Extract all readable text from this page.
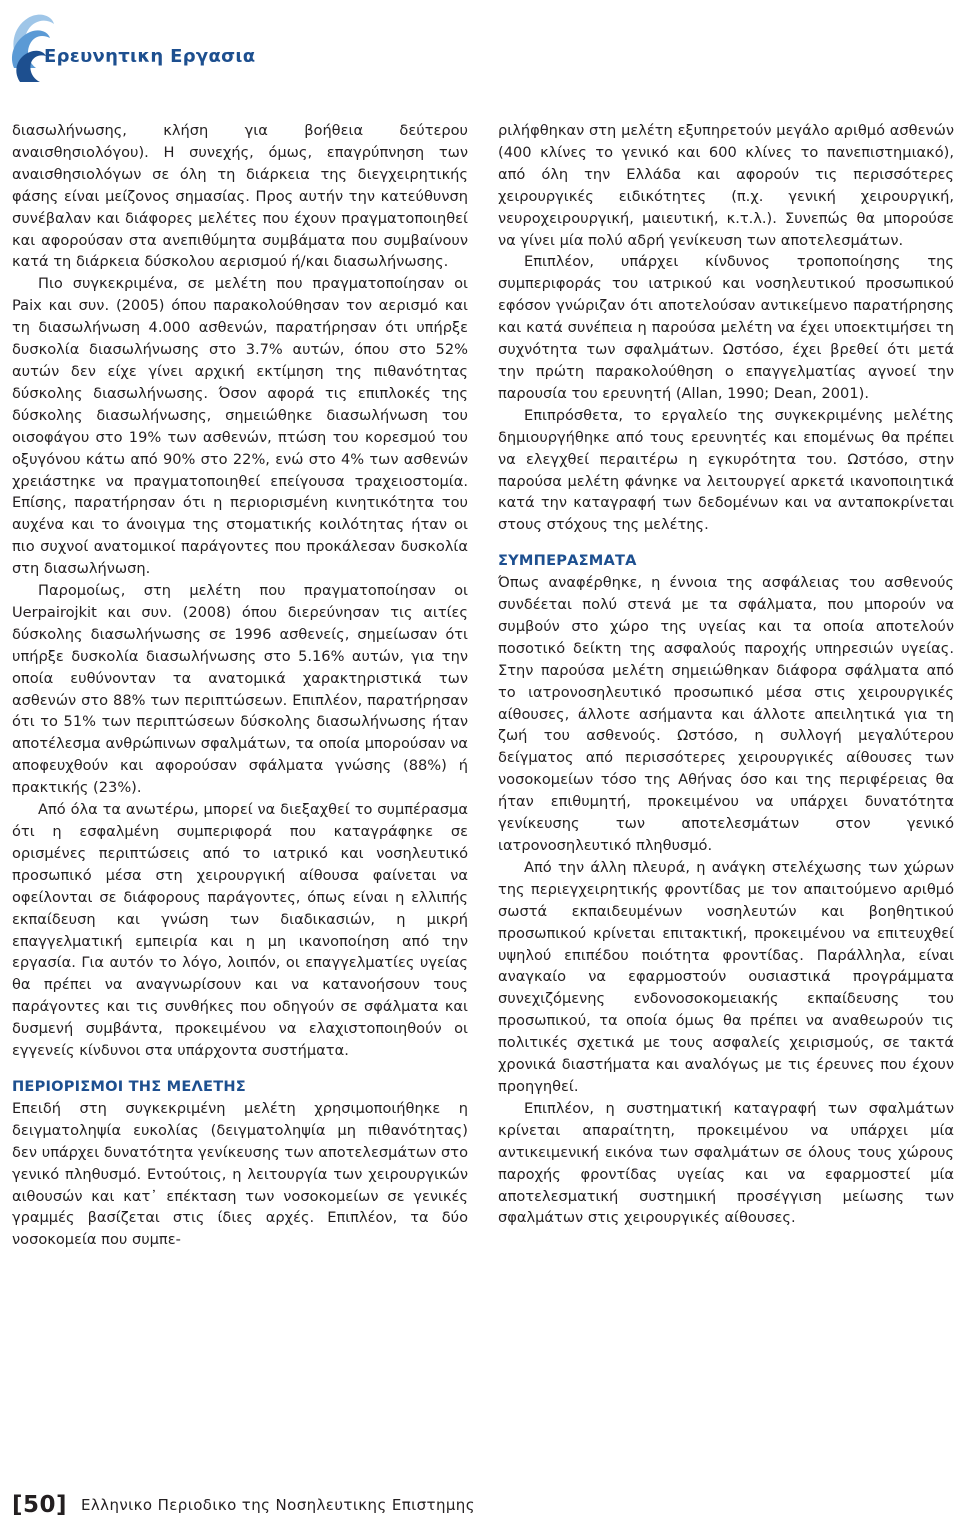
Ερευνητικη Εργασια

διασωλήνωσης, κλήση για βοήθεια δεύτερου αναισθησιολόγου). Η συνεχής, όμως, επαγρύπνηση των αναισθησιολόγων σε όλη τη διάρκεια της διεγχειρητικής φάσης είναι μείζονος σημασίας. Προς αυτήν την κατεύθυνση συνέβαλαν και διάφορες μελέτες που έχουν πραγματοποιηθεί και αφορούσαν στα ανεπιθύμητα συμβάματα που συμβαίνουν κατά τη διάρκεια δύσκολου αερισμού ή/και διασωλήνωσης.

Πιο συγκεκριμένα, σε μελέτη που πραγματοποίησαν οι Paix και συν. (2005) όπου παρακολούθησαν τον αερισμό και τη διασωλήνωση 4.000 ασθενών, παρατήρησαν ότι υπήρξε δυσκολία διασωλήνωσης στο 3.7% αυτών, όπου στο 52% αυτών δεν είχε γίνει αρχική εκτίμηση της πιθανότητας δύσκολης διασωλήνωσης. Όσον αφορά τις επιπλοκές της δύσκολης διασωλήνωσης, σημειώθηκε διασωλήνωση του οισοφάγου στο 19% των ασθενών, πτώση του κορεσμού του οξυγόνου κάτω από 90% στο 22%, ενώ στο 4% των ασθενών χρειάστηκε να πραγματοποιηθεί επείγουσα τραχειοστομία. Επίσης, παρατήρησαν ότι η περιορισμένη κινητικότητα του αυχένα και το άνοιγμα της στοματικής κοιλότητας ήταν οι πιο συχνοί ανατομικοί παράγοντες που προκάλεσαν δυσκολία στη διασωλήνωση.

Παρομοίως, στη μελέτη που πραγματοποίησαν οι Uerpairojkit και συν. (2008) όπου διερεύνησαν τις αιτίες δύσκολης διασωλήνωσης σε 1996 ασθενείς, σημείωσαν ότι υπήρξε δυσκολία διασωλήνωσης στο 5.16% αυτών, για την οποία ευθύνονταν τα ανατομικά χαρακτηριστικά των ασθενών στο 88% των περιπτώσεων. Επιπλέον, παρατήρησαν ότι το 51% των περιπτώσεων δύσκολης διασωλήνωσης ήταν αποτέλεσμα ανθρώπινων σφαλμάτων, τα οποία μπορούσαν να αποφευχθούν και αφορούσαν σφάλματα γνώσης (88%) ή πρακτικής (23%).

Από όλα τα ανωτέρω, μπορεί να διεξαχθεί το συμπέρασμα ότι η εσφαλμένη συμπεριφορά που καταγράφηκε σε ορισμένες περιπτώσεις από το ιατρικό και νοσηλευτικό προσωπικό μέσα στη χειρουργική αίθουσα φαίνεται να οφείλονται σε διάφορους παράγοντες, όπως είναι η ελλιπής εκπαίδευση και γνώση των διαδικασιών, η μικρή επαγγελματική εμπειρία και η μη ικανοποίηση από την εργασία. Για αυτόν το λόγο, λοιπόν, οι επαγγελματίες υγείας θα πρέπει να αναγνωρίσουν και να κατανοήσουν τους παράγοντες και τις συνθήκες που οδηγούν σε σφάλματα και δυσμενή συμβάντα, προκειμένου να ελαχιστοποιηθούν οι εγγενείς κίνδυνοι στα υπάρχοντα συστήματα.

ΠΕΡΙΟΡΙΣΜΟΙ ΤΗΣ ΜΕΛΕΤΗΣ

Επειδή στη συγκεκριμένη μελέτη χρησιμοποιήθηκε η δειγματοληψία ευκολίας (δειγματοληψία μη πιθανότητας) δεν υπάρχει δυνατότητα γενίκευσης των αποτελεσμάτων στο γενικό πληθυσμό. Εντούτοις, η λειτουργία των χειρουργικών αιθουσών και κατ᾽ επέκταση των νοσοκομείων σε γενικές γραμμές βασίζεται στις ίδιες αρχές. Επιπλέον, τα δύο νοσοκομεία που συμπε-

ριλήφθηκαν στη μελέτη εξυπηρετούν μεγάλο αριθμό ασθενών (400 κλίνες το γενικό και 600 κλίνες το πανεπιστημιακό), από όλη την Ελλάδα και αφορούν τις περισσότερες χειρουργικές ειδικότητες (π.χ. γενική χειρουργική, νευροχειρουργική, μαιευτική, κ.τ.λ.). Συνεπώς θα μπορούσε να γίνει μία πολύ αδρή γενίκευση των αποτελεσμάτων.

Επιπλέον, υπάρχει κίνδυνος τροποποίησης της συμπεριφοράς του ιατρικού και νοσηλευτικού προσωπικού εφόσον γνώριζαν ότι αποτελούσαν αντικείμενο παρατήρησης και κατά συνέπεια η παρούσα μελέτη να έχει υποεκτιμήσει τη συχνότητα των σφαλμάτων. Ωστόσο, έχει βρεθεί ότι μετά την πρώτη παρακολούθηση ο επαγγελματίας αγνοεί την παρουσία του ερευνητή (Allan, 1990; Dean, 2001).

Επιπρόσθετα, το εργαλείο της συγκεκριμένης μελέτης δημιουργήθηκε από τους ερευνητές και επομένως θα πρέπει να ελεγχθεί περαιτέρω η εγκυρότητα του. Ωστόσο, στην παρούσα μελέτη φάνηκε να λειτουργεί αρκετά ικανοποιητικά κατά την καταγραφή των δεδομένων και να ανταποκρίνεται στους στόχους της μελέτης.

ΣΥΜΠΕΡΑΣΜΑΤΑ

Όπως αναφέρθηκε, η έννοια της ασφάλειας του ασθενούς συνδέεται πολύ στενά με τα σφάλματα, που μπορούν να συμβούν στο χώρο της υγείας και τα οποία αποτελούν ποσοτικό δείκτη της ασφαλούς παροχής υπηρεσιών υγείας. Στην παρούσα μελέτη σημειώθηκαν διάφορα σφάλματα από το ιατρονοσηλευτικό προσωπικό μέσα στις χειρουργικές αίθουσες, άλλοτε ασήμαντα και άλλοτε απειλητικά για τη ζωή του ασθενούς. Ωστόσο, η συλλογή μεγαλύτερου δείγματος από περισσότερες χειρουργικές αίθουσες των νοσοκομείων τόσο της Αθήνας όσο και της περιφέρειας θα ήταν επιθυμητή, προκειμένου να υπάρχει δυνατότητα γενίκευσης των αποτελεσμάτων στον γενικό ιατρονοσηλευτικό πληθυσμό.

Από την άλλη πλευρά, η ανάγκη στελέχωσης των χώρων της περιεγχειρητικής φροντίδας με τον απαιτούμενο αριθμό σωστά εκπαιδευμένων νοσηλευτών και βοηθητικού προσωπικού κρίνεται επιτακτική, προκειμένου να επιτευχθεί υψηλού επιπέδου ποιότητα φροντίδας. Παράλληλα, είναι αναγκαίο να εφαρμοστούν ουσιαστικά προγράμματα συνεχιζόμενης ενδονοσοκομειακής εκπαίδευσης του προσωπικού, τα οποία όμως θα πρέπει να αναθεωρούν τις πολιτικές σχετικά με τους ασφαλείς χειρισμούς, σε τακτά χρονικά διαστήματα και αναλόγως με τις έρευνες που έχουν προηγηθεί.

Επιπλέον, η συστηματική καταγραφή των σφαλμάτων κρίνεται απαραίτητη, προκειμένου να υπάρχει μία αντικειμενική εικόνα των σφαλμάτων σε όλους τους χώρους παροχής φροντίδας υγείας και να εφαρμοστεί μία αποτελεσματική συστημική προσέγγιση μείωσης των σφαλμάτων στις χειρουργικές αίθουσες.

[50] Ελληνικο Περιοδικο της Νοσηλευτικης Επιστημης
